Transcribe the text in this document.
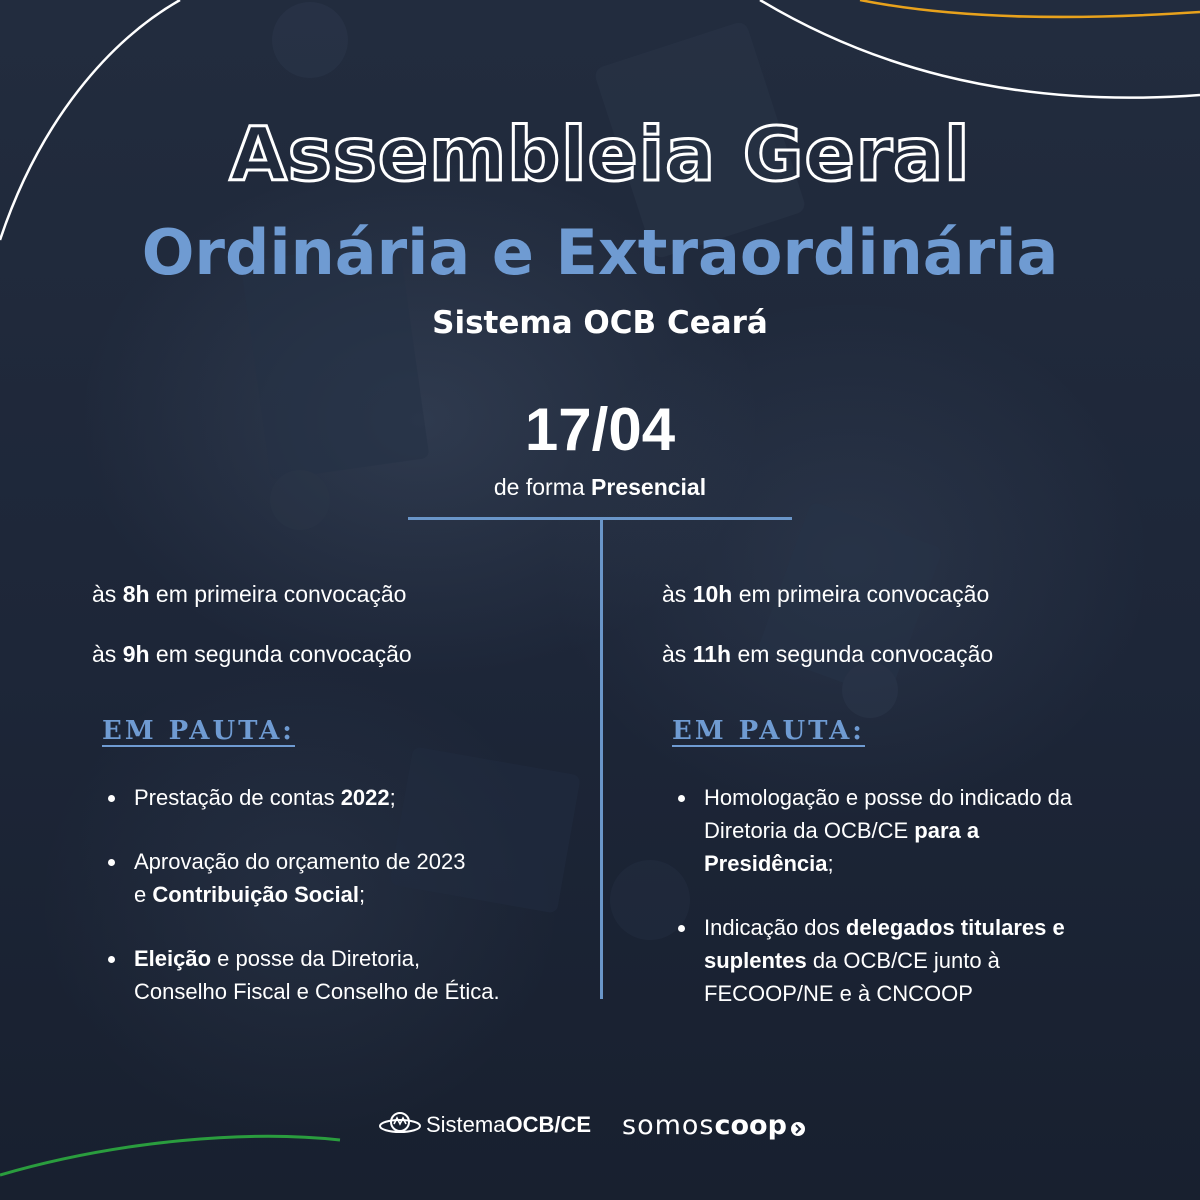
Assembleia Geral
Ordinária e Extraordinária
Sistema OCB Ceará
17/04
de forma Presencial
às 8h em primeira convocação
às 9h em segunda convocação
EM PAUTA:
Prestação de contas 2022;
Aprovação do orçamento de 2023
e Contribuição Social;
Eleição e posse da Diretoria,
Conselho Fiscal e Conselho de Ética.
às 10h em primeira convocação
às 11h em segunda convocação
EM PAUTA:
Homologação e posse do indicado da
Diretoria da OCB/CE para a
Presidência;
Indicação dos delegados titulares e
suplentes da OCB/CE junto à
FECOOP/NE e à CNCOOP
Sistema OCB/CE somos coop
